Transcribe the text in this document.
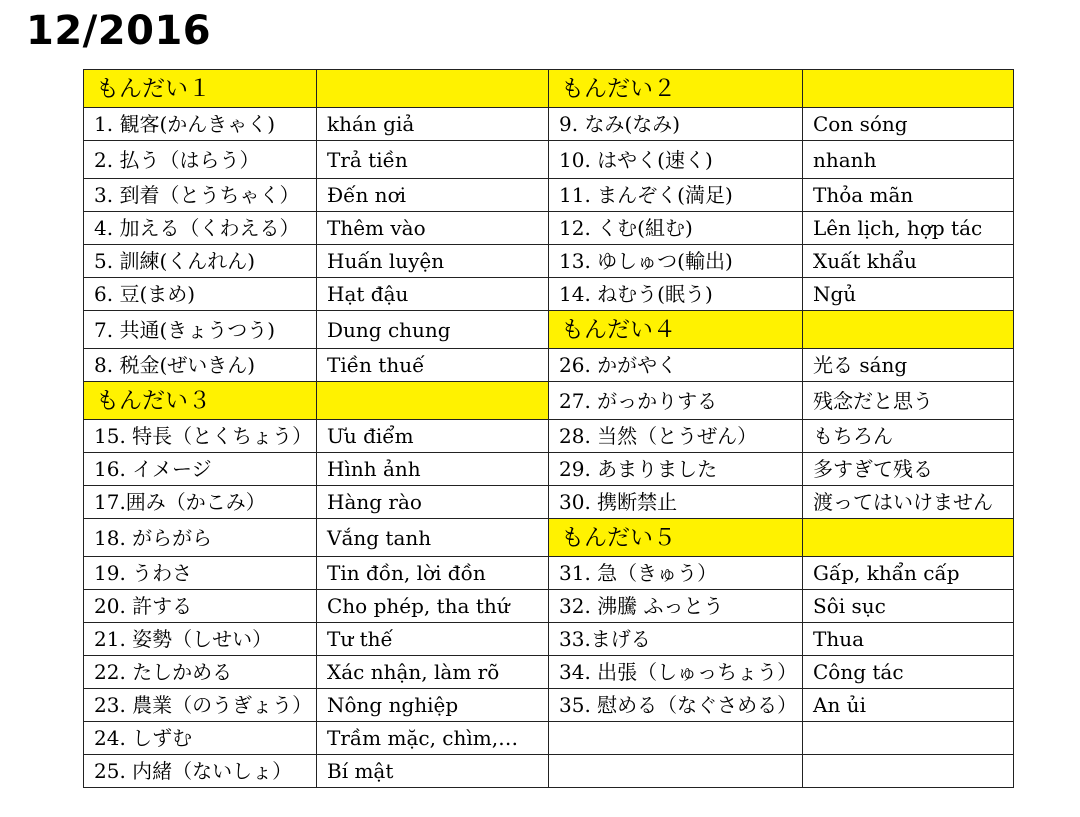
12/2016
もんだい１		もんだい２	
1. 観客(かんきゃく)	khán giả	9. なみ(なみ)	Con sóng
2. 払う（はらう）	Trả tiền	10. はやく(速く)	nhanh
3. 到着（とうちゃく）	Đến nơi	11. まんぞく(満足)	Thỏa mãn
4. 加える（くわえる）	Thêm vào	12. くむ(組む)	Lên lịch, hợp tác
5. 訓練(くんれん)	Huấn luyện	13. ゆしゅつ(輸出)	Xuất khẩu
6. 豆(まめ)	Hạt đậu	14. ねむう(眠う)	Ngủ
7. 共通(きょうつう)	Dung chung	もんだい４	
8. 税金(ぜいきん)	Tiền thuế	26. かがやく	光る sáng
もんだい３		27. がっかりする	残念だと思う
15. 特長（とくちょう）	Ưu điểm	28. 当然（とうぜん）	もちろん
16. イメージ	Hình ảnh	29. あまりました	多すぎて残る
17.囲み（かこみ）	Hàng rào	30. 携断禁止	渡ってはいけません
18. がらがら	Vắng tanh	もんだい５	
19. うわさ	Tin đồn, lời đồn	31. 急（きゅう）	Gấp, khẩn cấp
20. 許する	Cho phép, tha thứ	32. 沸騰 ふっとう	Sôi sục
21. 姿勢（しせい）	Tư thế	33.まげる	Thua
22. たしかめる	Xác nhận, làm rõ	34. 出張（しゅっちょう）	Công tác
23. 農業（のうぎょう）	Nông nghiệp	35. 慰める（なぐさめる）	An ủi
24. しずむ	Trầm mặc, chìm,…		
25. 内緒（ないしょ）	Bí mật		
